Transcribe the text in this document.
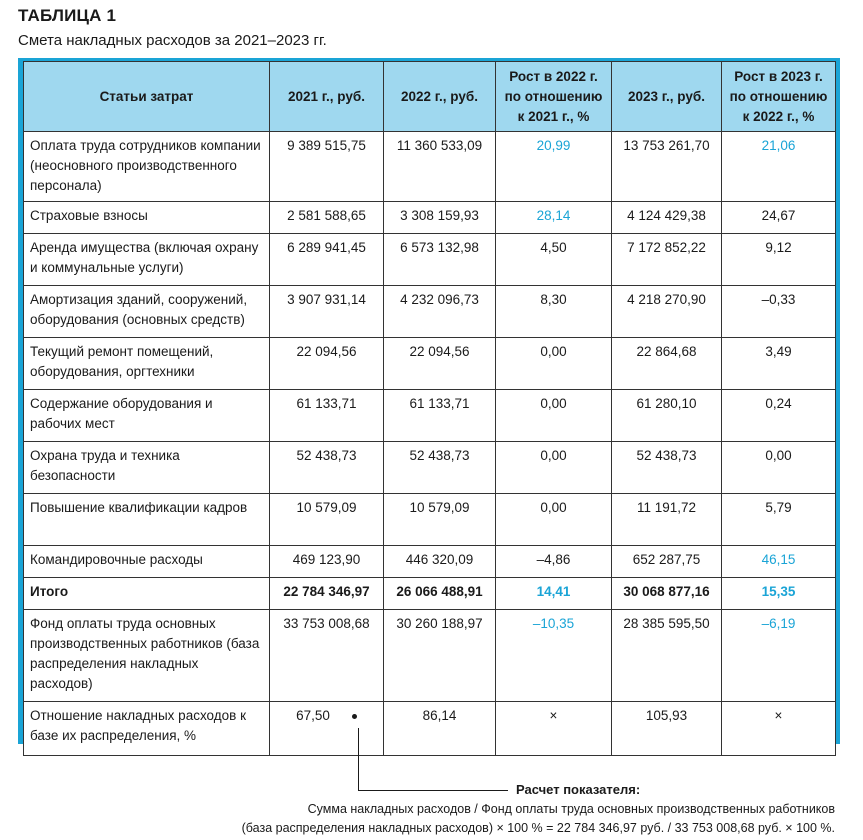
ТАБЛИЦА 1
Смета накладных расходов за 2021–2023 гг.
Статьи затрат	2021 г., руб.	2022 г., руб.	Рост в 2022 г. по отношению к 2021 г., %	2023 г., руб.	Рост в 2023 г. по отношению к 2022 г., %
Оплата труда сотрудников компании (неосновного производственного персонала)	9 389 515,75	11 360 533,09	20,99	13 753 261,70	21,06
Страховые взносы	2 581 588,65	3 308 159,93	28,14	4 124 429,38	24,67
Аренда имущества (включая охрану и коммунальные услуги)	6 289 941,45	6 573 132,98	4,50	7 172 852,22	9,12
Амортизация зданий, сооружений, оборудования (основных средств)	3 907 931,14	4 232 096,73	8,30	4 218 270,90	–0,33
Текущий ремонт помещений, оборудования, оргтехники	22 094,56	22 094,56	0,00	22 864,68	3,49
Содержание оборудования и рабочих мест	61 133,71	61 133,71	0,00	61 280,10	0,24
Охрана труда и техника безопасности	52 438,73	52 438,73	0,00	52 438,73	0,00
Повышение квалификации кадров	10 579,09	10 579,09	0,00	11 191,72	5,79
Командировочные расходы	469 123,90	446 320,09	–4,86	652 287,75	46,15
Итого	22 784 346,97	26 066 488,91	14,41	30 068 877,16	15,35
Фонд оплаты труда основных производственных работников (база распределения накладных расходов)	33 753 008,68	30 260 188,97	–10,35	28 385 595,50	–6,19
Отношение накладных расходов к базе их распределения, %	67,50	86,14	×	105,93	×
Расчет показателя:
Сумма накладных расходов / Фонд оплаты труда основных производственных работников
(база распределения накладных расходов) × 100 % = 22 784 346,97 руб. / 33 753 008,68 руб. × 100 %.
